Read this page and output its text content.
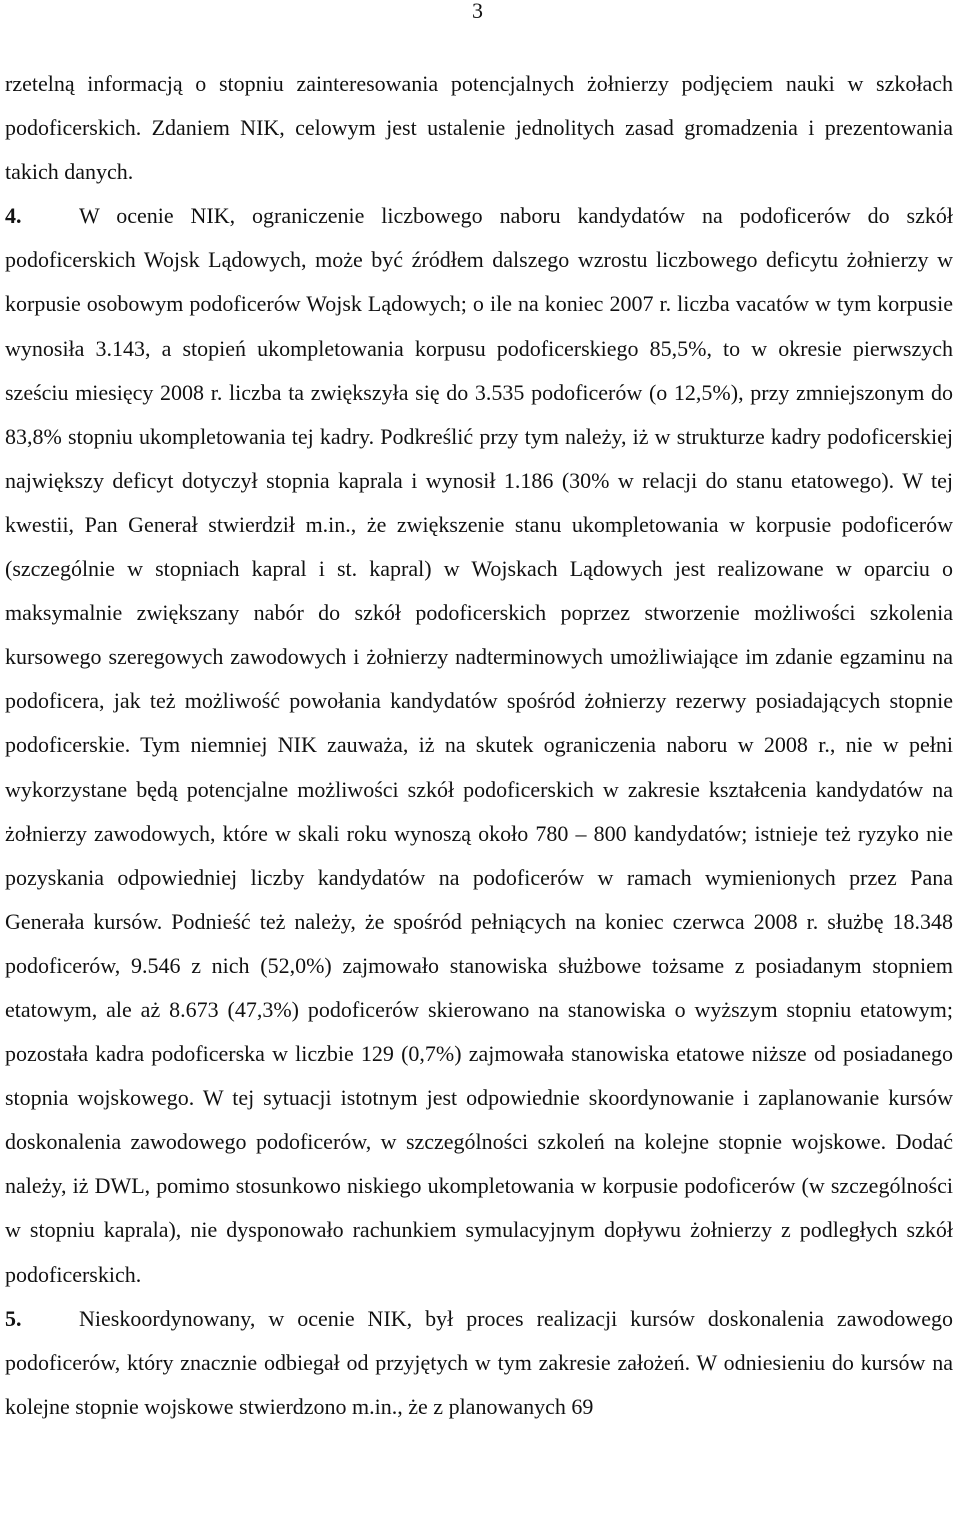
3

rzetelną informacją o stopniu zainteresowania potencjalnych żołnierzy podjęciem nauki w szkołach podoficerskich. Zdaniem NIK, celowym jest ustalenie jednolitych zasad gromadzenia i prezentowania takich danych.

4.	W ocenie NIK, ograniczenie liczbowego naboru kandydatów na podoficerów do szkół podoficerskich Wojsk Lądowych, może być źródłem dalszego wzrostu liczbowego deficytu żołnierzy w korpusie osobowym podoficerów Wojsk Lądowych; o ile na koniec 2007 r. liczba vacatów w tym korpusie wynosiła 3.143, a stopień ukompletowania korpusu podoficerskiego 85,5%, to w okresie pierwszych sześciu miesięcy 2008 r. liczba ta zwiększyła się do 3.535 podoficerów (o 12,5%), przy zmniejszonym do 83,8% stopniu ukompletowania tej kadry. Podkreślić przy tym należy, iż w strukturze kadry podoficerskiej największy deficyt dotyczył stopnia kaprala i wynosił 1.186 (30% w relacji do stanu etatowego). W tej kwestii, Pan Generał stwierdził m.in., że zwiększenie stanu ukompletowania w korpusie podoficerów (szczególnie w stopniach kapral i st. kapral) w Wojskach Lądowych jest realizowane w oparciu o maksymalnie zwiększany nabór do szkół podoficerskich poprzez stworzenie możliwości szkolenia kursowego szeregowych zawodowych i żołnierzy nadterminowych umożliwiające im zdanie egzaminu na podoficera, jak też możliwość powołania kandydatów spośród żołnierzy rezerwy posiadających stopnie podoficerskie. Tym niemniej NIK zauważa, iż na skutek ograniczenia naboru w 2008 r., nie w pełni wykorzystane będą potencjalne możliwości szkół podoficerskich w zakresie kształcenia kandydatów na żołnierzy zawodowych, które w skali roku wynoszą około 780 – 800 kandydatów; istnieje też ryzyko nie pozyskania odpowiedniej liczby kandydatów na podoficerów w ramach wymienionych przez Pana Generała kursów. Podnieść też należy, że spośród pełniących na koniec czerwca 2008 r. służbę 18.348 podoficerów, 9.546 z nich (52,0%) zajmowało stanowiska służbowe tożsame z posiadanym stopniem etatowym, ale aż 8.673 (47,3%) podoficerów skierowano na stanowiska o wyższym stopniu etatowym; pozostała kadra podoficerska w liczbie 129 (0,7%) zajmowała stanowiska etatowe niższe od posiadanego stopnia wojskowego. W tej sytuacji istotnym jest odpowiednie skoordynowanie i zaplanowanie kursów doskonalenia zawodowego podoficerów, w szczególności szkoleń na kolejne stopnie wojskowe. Dodać należy, iż DWL, pomimo stosunkowo niskiego ukompletowania w korpusie podoficerów (w szczególności w stopniu kaprala), nie dysponowało rachunkiem symulacyjnym dopływu żołnierzy z podległych szkół podoficerskich.

5.	Nieskoordynowany, w ocenie NIK, był proces realizacji kursów doskonalenia zawodowego podoficerów, który znacznie odbiegał od przyjętych w tym zakresie założeń. W odniesieniu do kursów na kolejne stopnie wojskowe stwierdzono m.in., że z planowanych 69
